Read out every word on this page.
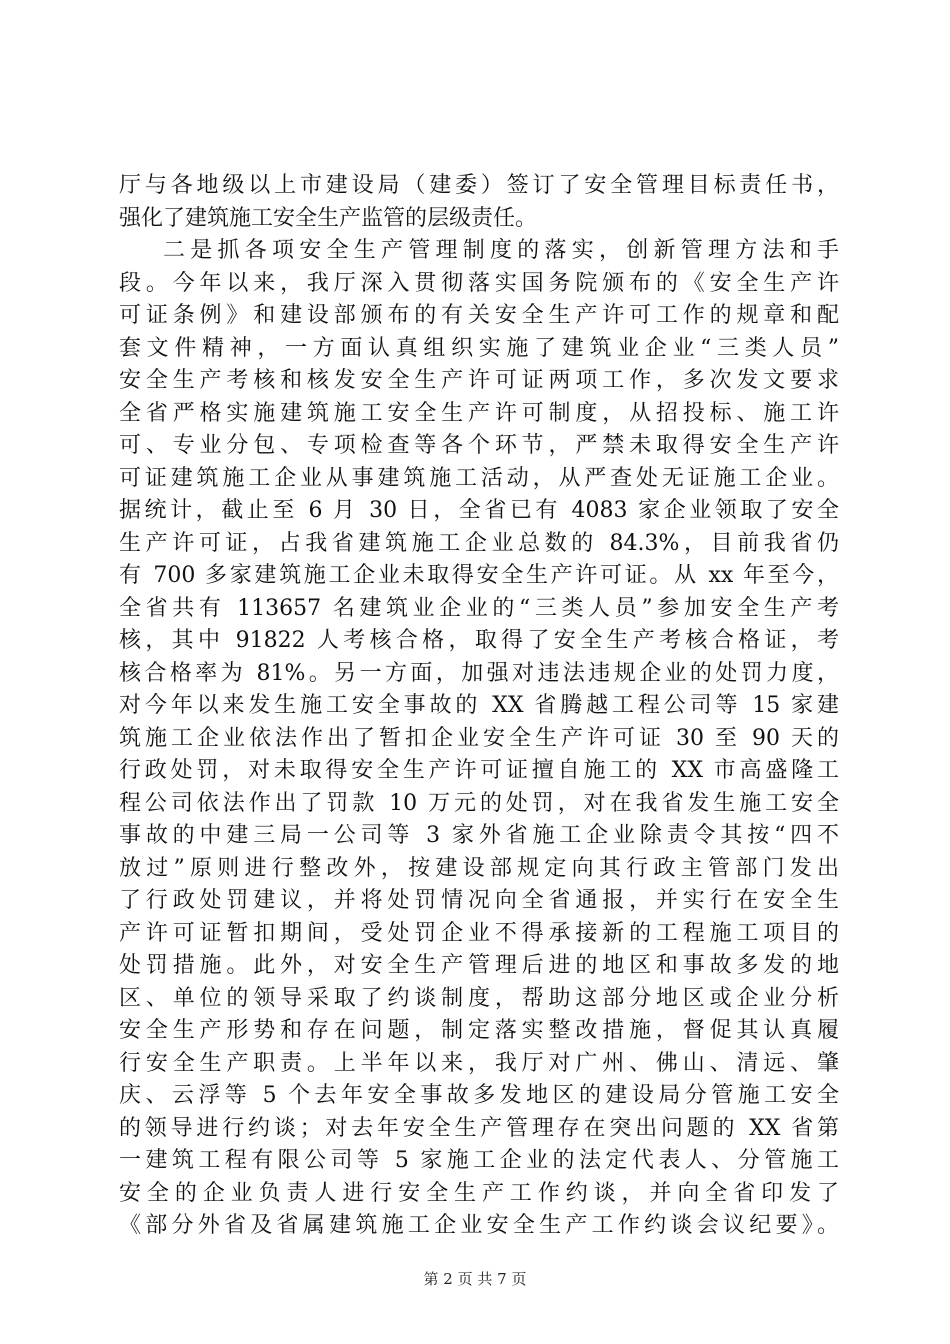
厅与各地级以上市建设局（建委）签订了安全管理目标责任书，
强化了建筑施工安全生产监管的层级责任。
二是抓各项安全生产管理制度的落实，创新管理方法和手
段。今年以来，我厅深入贯彻落实国务院颁布的《安全生产许
可证条例》和建设部颁布的有关安全生产许可工作的规章和配
套文件精神，一方面认真组织实施了建筑业企业“三类人员”
安全生产考核和核发安全生产许可证两项工作，多次发文要求
全省严格实施建筑施工安全生产许可制度，从招投标、施工许
可、专业分包、专项检查等各个环节，严禁未取得安全生产许
可证建筑施工企业从事建筑施工活动，从严查处无证施工企业。
据统计，截止至 6 月 30 日，全省已有 4083 家企业领取了安全
生产许可证，占我省建筑施工企业总数的 84.3%，目前我省仍
有 700 多家建筑施工企业未取得安全生产许可证。从 xx 年至今，
全省共有 113657 名建筑业企业的“三类人员”参加安全生产考
核，其中 91822 人考核合格，取得了安全生产考核合格证，考
核合格率为 81%。另一方面，加强对违法违规企业的处罚力度，
对今年以来发生施工安全事故的 XX 省腾越工程公司等 15 家建
筑施工企业依法作出了暂扣企业安全生产许可证 30 至 90 天的
行政处罚，对未取得安全生产许可证擅自施工的 XX 市高盛隆工
程公司依法作出了罚款 10 万元的处罚，对在我省发生施工安全
事故的中建三局一公司等 3 家外省施工企业除责令其按“四不
放过”原则进行整改外，按建设部规定向其行政主管部门发出
了行政处罚建议，并将处罚情况向全省通报，并实行在安全生
产许可证暂扣期间，受处罚企业不得承接新的工程施工项目的
处罚措施。此外，对安全生产管理后进的地区和事故多发的地
区、单位的领导采取了约谈制度，帮助这部分地区或企业分析
安全生产形势和存在问题，制定落实整改措施，督促其认真履
行安全生产职责。上半年以来，我厅对广州、佛山、清远、肇
庆、云浮等 5 个去年安全事故多发地区的建设局分管施工安全
的领导进行约谈；对去年安全生产管理存在突出问题的 XX 省第
一建筑工程有限公司等 5 家施工企业的法定代表人、分管施工
安全的企业负责人进行安全生产工作约谈，并向全省印发了
《部分外省及省属建筑施工企业安全生产工作约谈会议纪要》。
第 2 页 共 7 页
